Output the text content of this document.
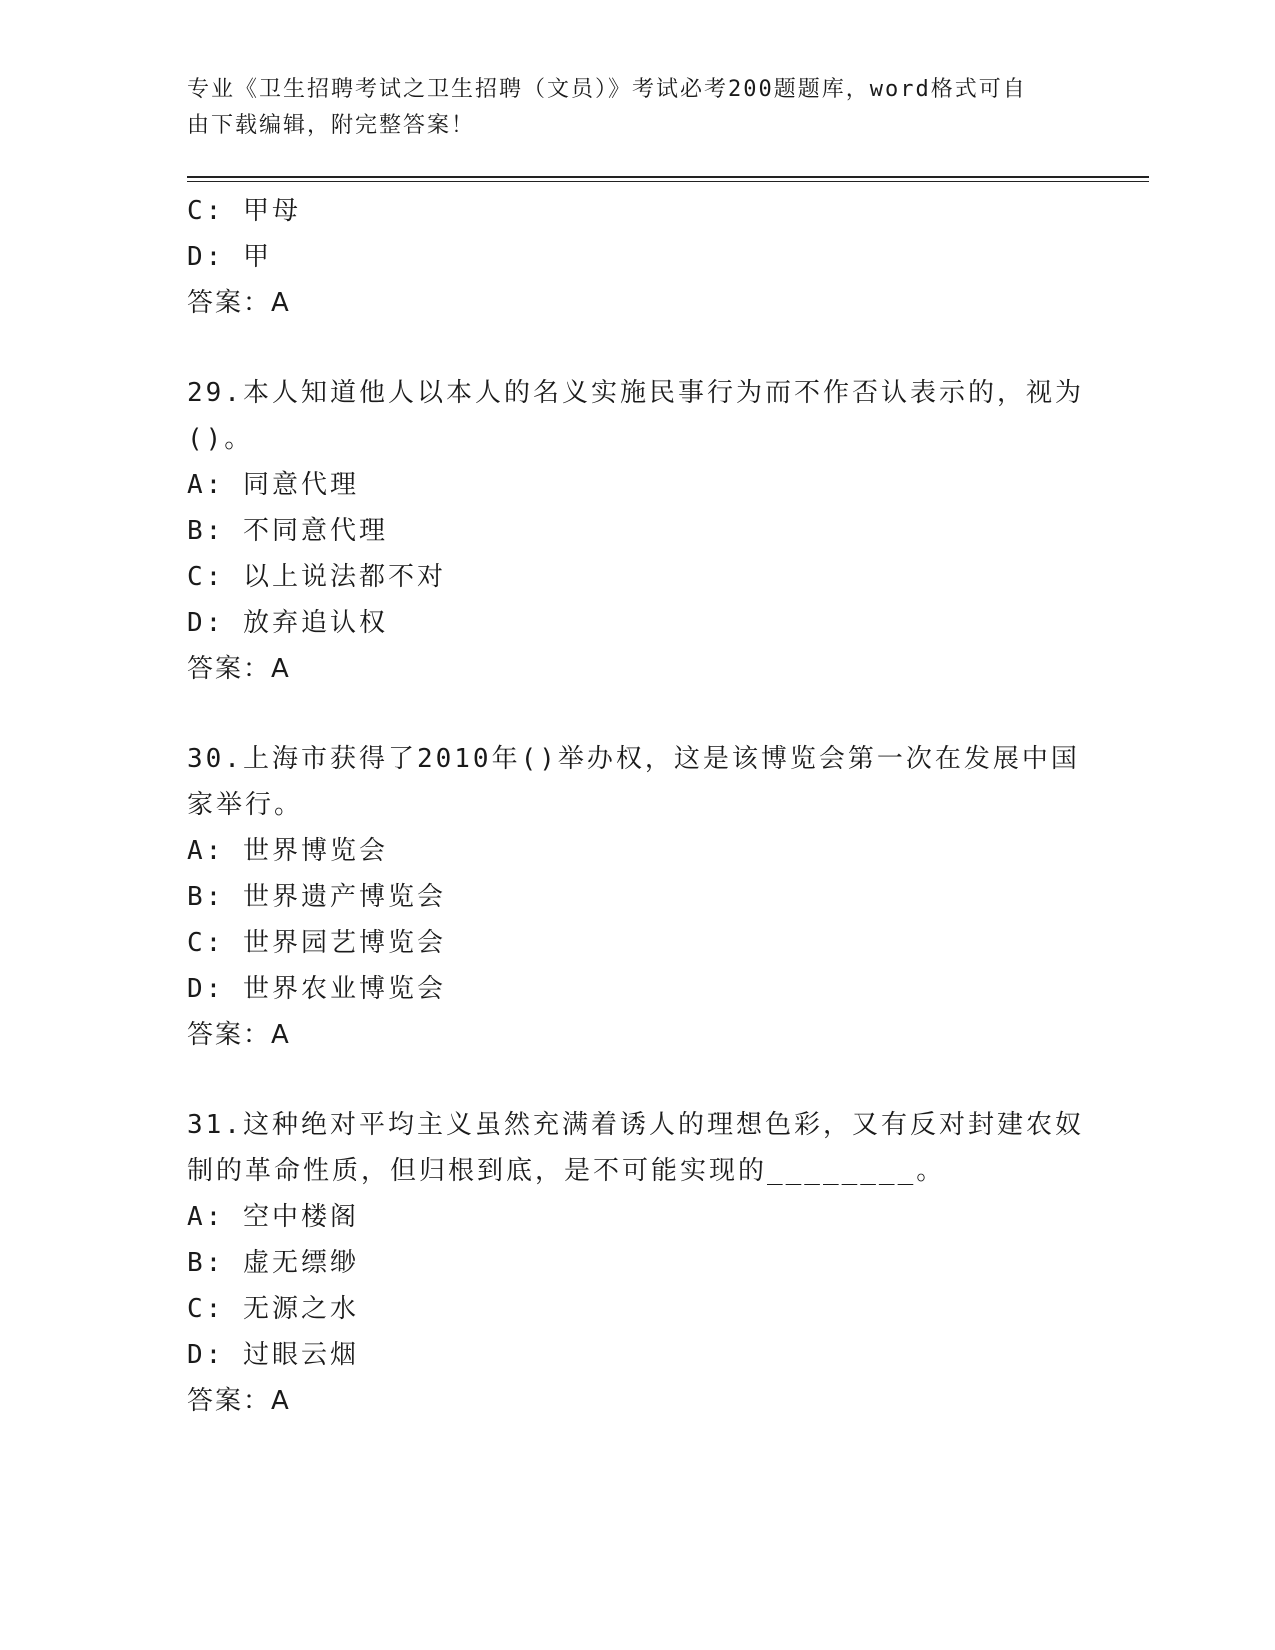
专业《卫生招聘考试之卫生招聘（文员）》考试必考200题题库，word格式可自
由下载编辑，附完整答案！
C: 甲母
D: 甲
答案：A
29.本人知道他人以本人的名义实施民事行为而不作否认表示的，视为
()。
A: 同意代理
B: 不同意代理
C: 以上说法都不对
D: 放弃追认权
答案：A
30.上海市获得了2010年()举办权，这是该博览会第一次在发展中国
家举行。
A: 世界博览会
B: 世界遗产博览会
C: 世界园艺博览会
D: 世界农业博览会
答案：A
31.这种绝对平均主义虽然充满着诱人的理想色彩，又有反对封建农奴
制的革命性质，但归根到底，是不可能实现的________。
A: 空中楼阁
B: 虚无缥缈
C: 无源之水
D: 过眼云烟
答案：A
